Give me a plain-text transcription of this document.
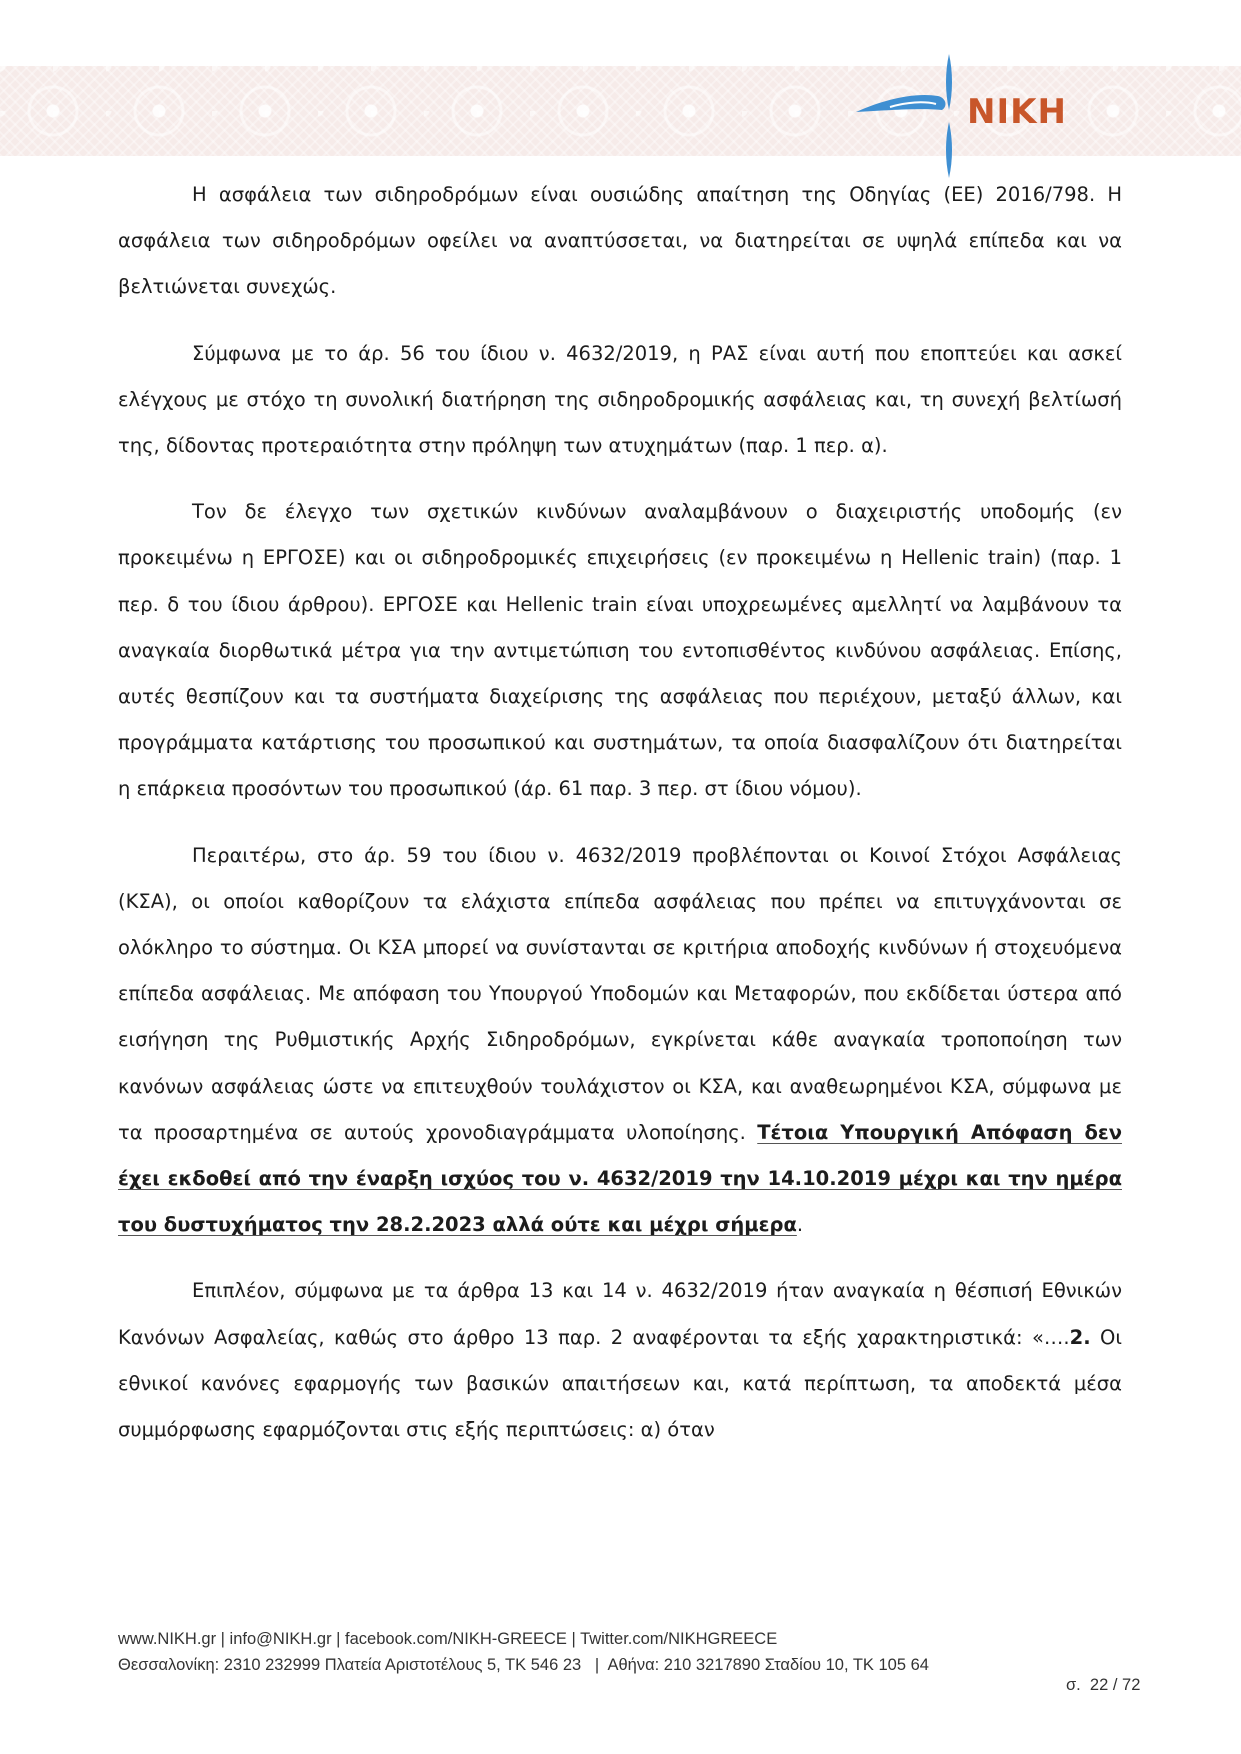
NIKH

Η ασφάλεια των σιδηροδρόμων είναι ουσιώδης απαίτηση της Οδηγίας (ΕΕ) 2016/798. Η ασφάλεια των σιδηροδρόμων οφείλει να αναπτύσσεται, να διατηρείται σε υψηλά επίπεδα και να βελτιώνεται συνεχώς.

Σύμφωνα με το άρ. 56 του ίδιου ν. 4632/2019, η ΡΑΣ είναι αυτή που εποπτεύει και ασκεί ελέγχους με στόχο τη συνολική διατήρηση της σιδηροδρομικής ασφάλειας και, τη συνεχή βελτίωσή της, δίδοντας προτεραιότητα στην πρόληψη των ατυχημάτων (παρ. 1 περ. α).

Τον δε έλεγχο των σχετικών κινδύνων αναλαμβάνουν ο διαχειριστής υποδομής (εν προκειμένω η ΕΡΓΟΣΕ) και οι σιδηροδρομικές επιχειρήσεις (εν προκειμένω η Hellenic train) (παρ. 1 περ. δ του ίδιου άρθρου). ΕΡΓΟΣΕ και Hellenic train είναι υποχρεωμένες αμελλητί να λαμβάνουν τα αναγκαία διορθωτικά μέτρα για την αντιμετώπιση του εντοπισθέντος κινδύνου ασφάλειας. Επίσης, αυτές θεσπίζουν και τα συστήματα διαχείρισης της ασφάλειας που περιέχουν, μεταξύ άλλων, και προγράμματα κατάρτισης του προσωπικού και συστημάτων, τα οποία διασφαλίζουν ότι διατηρείται η επάρκεια προσόντων του προσωπικού (άρ. 61 παρ. 3 περ. στ ίδιου νόμου).

Περαιτέρω, στο άρ. 59 του ίδιου ν. 4632/2019 προβλέπονται οι Κοινοί Στόχοι Ασφάλειας (ΚΣΑ), οι οποίοι καθορίζουν τα ελάχιστα επίπεδα ασφάλειας που πρέπει να επιτυγχάνονται σε ολόκληρο το σύστημα. Οι ΚΣΑ μπορεί να συνίστανται σε κριτήρια αποδοχής κινδύνων ή στοχευόμενα επίπεδα ασφάλειας. Με απόφαση του Υπουργού Υποδομών και Μεταφορών, που εκδίδεται ύστερα από εισήγηση της Ρυθμιστικής Αρχής Σιδηροδρόμων, εγκρίνεται κάθε αναγκαία τροποποίηση των κανόνων ασφάλειας ώστε να επιτευχθούν τουλάχιστον οι ΚΣΑ, και αναθεωρημένοι ΚΣΑ, σύμφωνα με τα προσαρτημένα σε αυτούς χρονοδιαγράμματα υλοποίησης. Τέτοια Υπουργική Απόφαση δεν έχει εκδοθεί από την έναρξη ισχύος του ν. 4632/2019 την 14.10.2019 μέχρι και την ημέρα του δυστυχήματος την 28.2.2023 αλλά ούτε και μέχρι σήμερα.

Επιπλέον, σύμφωνα με τα άρθρα 13 και 14 ν. 4632/2019 ήταν αναγκαία η θέσπισή Εθνικών Κανόνων Ασφαλείας, καθώς στο άρθρο 13 παρ. 2 αναφέρονται τα εξής χαρακτηριστικά: «….2. Οι εθνικοί κανόνες εφαρμογής των βασικών απαιτήσεων και, κατά περίπτωση, τα αποδεκτά μέσα συμμόρφωσης εφαρμόζονται στις εξής περιπτώσεις: α) όταν

www.NIKH.gr | info@NIKH.gr | facebook.com/NIKH-GREECE | Twitter.com/NIKHGREECE
Θεσσαλονίκη: 2310 232999 Πλατεία Αριστοτέλους 5, ΤΚ 546 23   |  Αθήνα: 210 3217890 Σταδίου 10, ΤΚ 105 64
σ.  22 / 72
